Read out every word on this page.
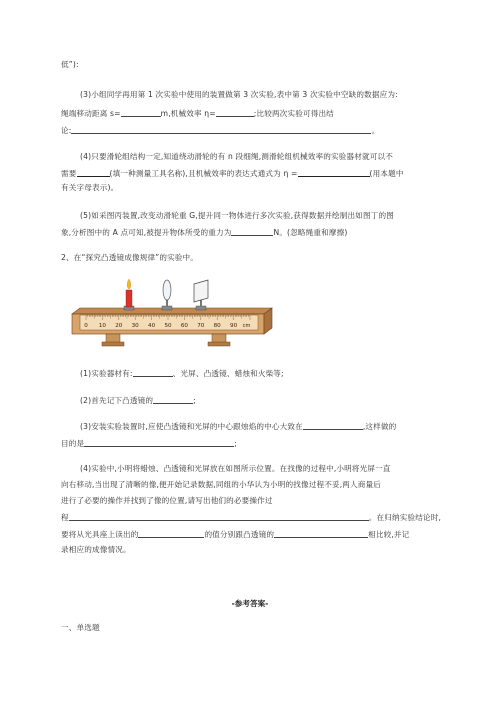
低”):
(3)小组同学再用第 1 次实验中使用的装置做第 3 次实验,表中第 3 次实验中空缺的数据应为:
绳端移动距离 s=	m,机械效率 η=	;比较两次实验可得出结
论:	。
(4)只要滑轮组结构一定,知道绕动滑轮的有 n 段细绳,测滑轮组机械效率的实验器材就可以不
需要	(填一种测量工具名称),且机械效率的表达式通式为 η =	(用本题中
有关字母表示)。
(5)如采图丙装置,改变动滑轮重 G,提升同一物体进行多次实验,获得数据并绘制出如图丁的图
象,分析图中的 A 点可知,被提升物体所受的重力为	N。(忽略绳重和摩擦)
2、在“探究凸透镜成像规律”的实验中。
0 10 20 30 40 50 60 70 80 90 cm
(1)实验器材有:	、光屏、凸透镜、蜡烛和火柴等;
(2)首先记下凸透镜的	;
(3)安装实验装置时,应使凸透镜和光屏的中心跟烛焰的中心大致在	,这样做的
目的是	;
(4)实验中,小明将蜡烛、凸透镜和光屏放在如图所示位置。在找像的过程中,小明将光屏一直
向右移动,当出现了清晰的像,便开始记录数据,同组的小华认为小明的找像过程不妥,两人商量后
进行了必要的操作并找到了像的位置,请写出他们的必要操作过
程	。在归纳实验结论时,
要将从光具座上读出的	的值分别跟凸透镜的	相比较,并记
录相应的成像情况。
-参考答案-
一、单选题
